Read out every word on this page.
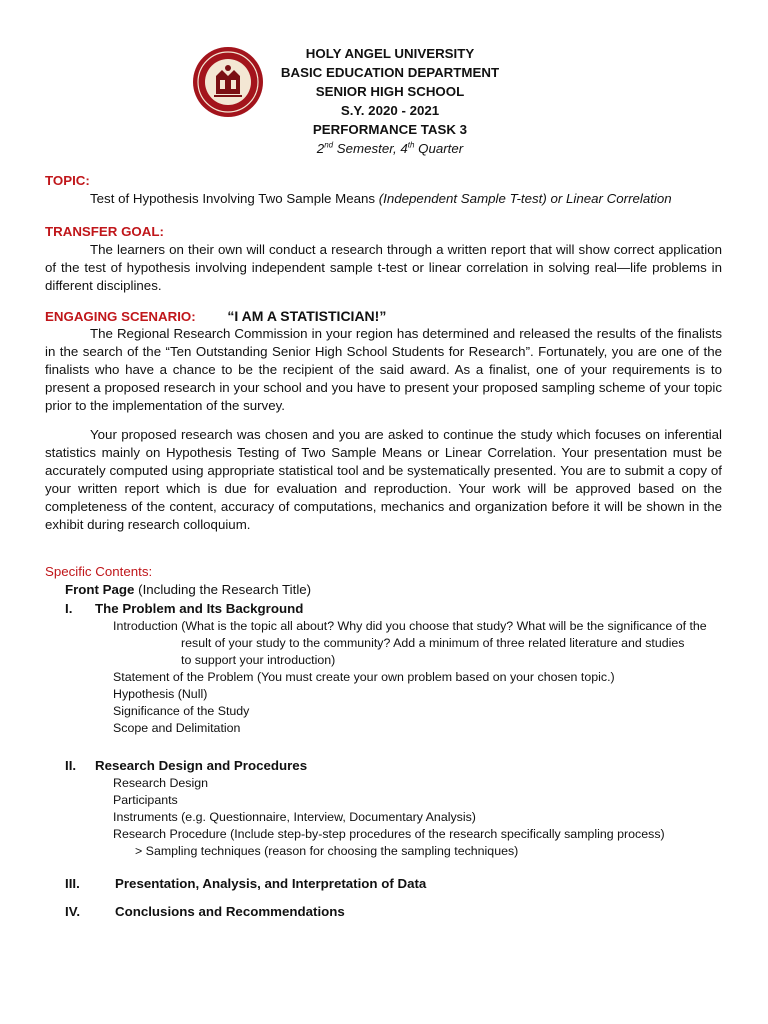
HOLY ANGEL UNIVERSITY
BASIC EDUCATION DEPARTMENT
SENIOR HIGH SCHOOL
S.Y. 2020 - 2021
PERFORMANCE TASK 3
2nd Semester, 4th Quarter
TOPIC:
Test of Hypothesis Involving Two Sample Means (Independent Sample T-test) or Linear Correlation
TRANSFER GOAL:
The learners on their own will conduct a research through a written report that will show correct application of the test of hypothesis involving independent sample t-test or linear correlation in solving real—life problems in different disciplines.
ENGAGING SCENARIO: “I AM A STATISTICIAN!”
The Regional Research Commission in your region has determined and released the results of the finalists in the search of the “Ten Outstanding Senior High School Students for Research”. Fortunately, you are one of the finalists who have a chance to be the recipient of the said award. As a finalist, one of your requirements is to present a proposed research in your school and you have to present your proposed sampling scheme of your topic prior to the implementation of the survey.
Your proposed research was chosen and you are asked to continue the study which focuses on inferential statistics mainly on Hypothesis Testing of Two Sample Means or Linear Correlation. Your presentation must be accurately computed using appropriate statistical tool and be systematically presented. You are to submit a copy of your written report which is due for evaluation and reproduction. Your work will be approved based on the completeness of the content, accuracy of computations, mechanics and organization before it will be shown in the exhibit during research colloquium.
Specific Contents:
Front Page (Including the Research Title)
I. The Problem and Its Background
Introduction (What is the topic all about? Why did you choose that study? What will be the significance of the
result of your study to the community? Add a minimum of three related literature and studies
to support your introduction)
Statement of the Problem (You must create your own problem based on your chosen topic.)
Hypothesis (Null)
Significance of the Study
Scope and Delimitation
II. Research Design and Procedures
Research Design
Participants
Instruments (e.g. Questionnaire, Interview, Documentary Analysis)
Research Procedure (Include step-by-step procedures of the research specifically sampling process)
> Sampling techniques (reason for choosing the sampling techniques)
III.	Presentation, Analysis, and Interpretation of Data
IV.	Conclusions and Recommendations
